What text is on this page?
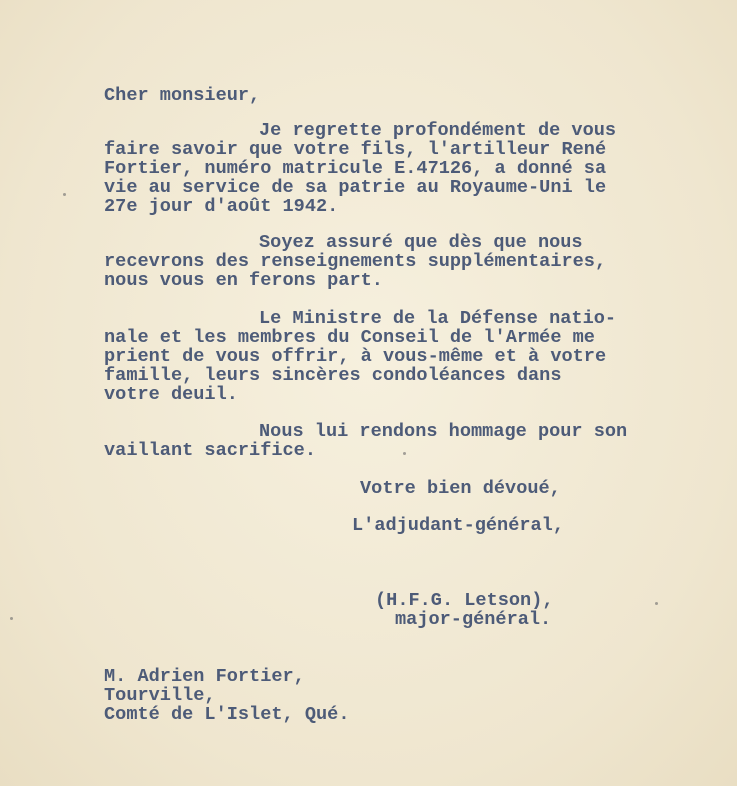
Cher monsieur,
Je regrette profondément de vous
faire savoir que votre fils, l'artilleur René
Fortier, numéro matricule E.47126, a donné sa
vie au service de sa patrie au Royaume-Uni le
27e jour d'août 1942.
Soyez assuré que dès que nous
recevrons des renseignements supplémentaires,
nous vous en ferons part.
Le Ministre de la Défense natio-
nale et les membres du Conseil de l'Armée me
prient de vous offrir, à vous-même et à votre
famille, leurs sincères condoléances dans
votre deuil.
Nous lui rendons hommage pour son
vaillant sacrifice.
Votre bien dévoué,
L'adjudant-général,
(H.F.G. Letson),
major-général.
M. Adrien Fortier,
Tourville,
Comté de L'Islet, Qué.
